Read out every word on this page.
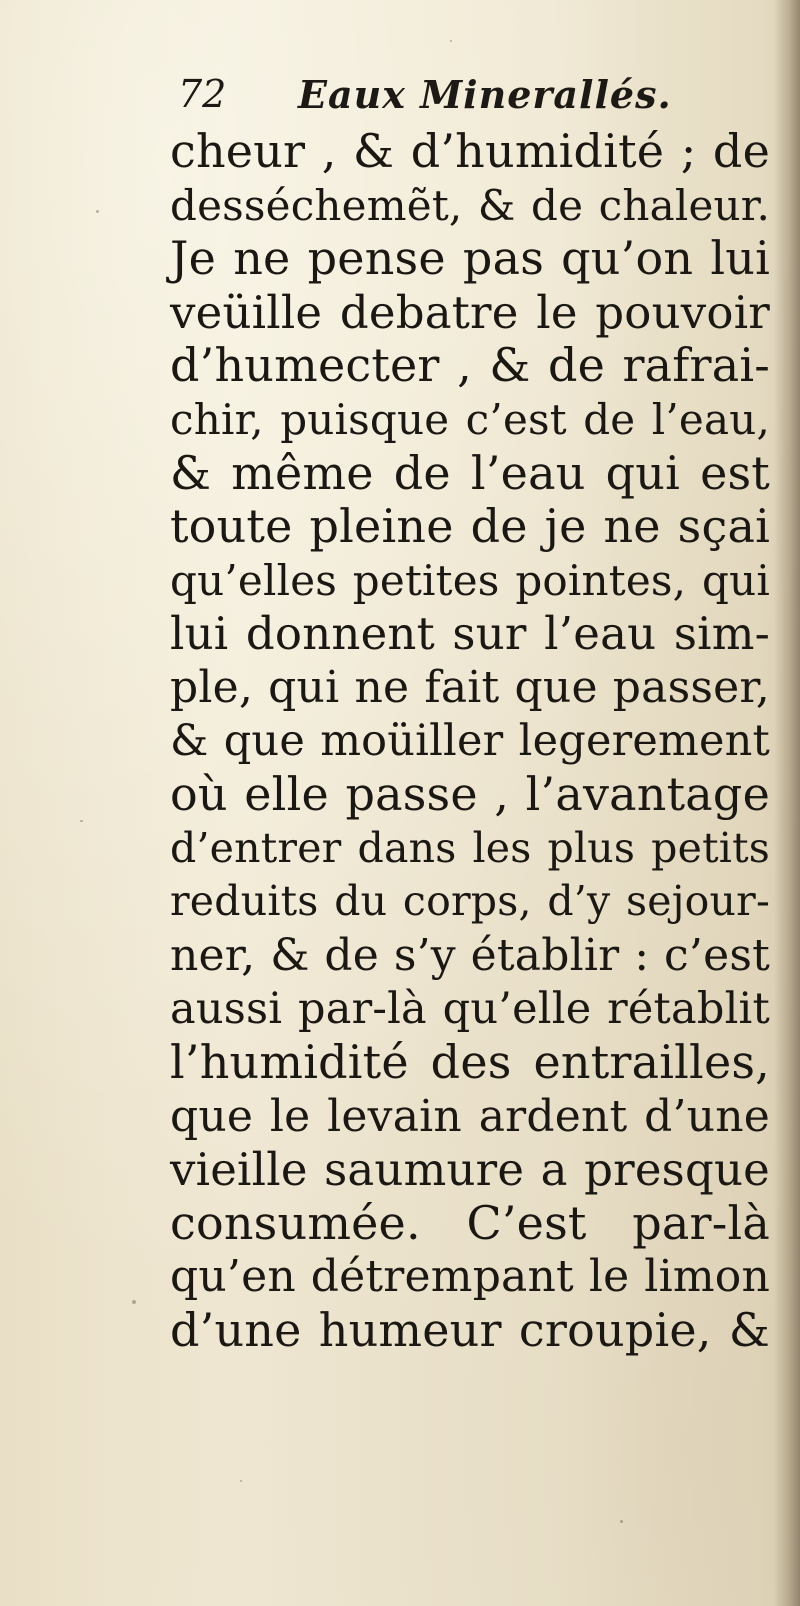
72 Eaux Minerallés.
cheur , & d’humidité ; de
desséchemẽt, & de chaleur.
Je ne pense pas qu’on lui
veüille debatre le pouvoir
d’humecter , & de rafrai-
chir, puisque c’est de l’eau,
& même de l’eau qui est
toute pleine de je ne sçai
qu’elles petites pointes, qui
lui donnent sur l’eau sim-
ple, qui ne fait que passer,
& que moüiller legerement
où elle passe , l’avantage
d’entrer dans les plus petits
reduits du corps, d’y sejour-
ner, & de s’y établir : c’est
aussi par-là qu’elle rétablit
l’humidité des entrailles,
que le levain ardent d’une
vieille saumure a presque
consumée. C’est par-là
qu’en détrempant le limon
d’une humeur croupie, &
